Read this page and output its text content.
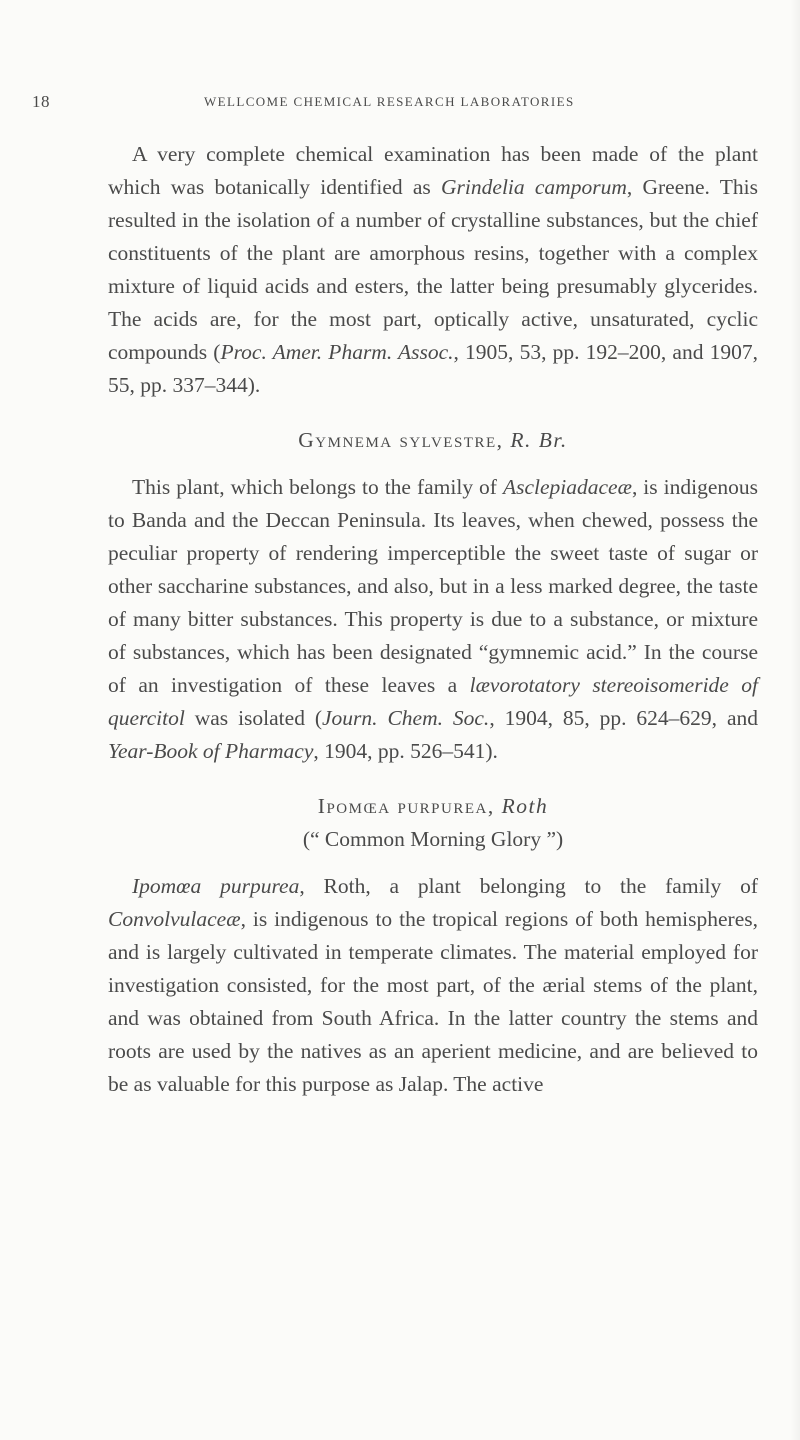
18	WELLCOME CHEMICAL RESEARCH LABORATORIES

A very complete chemical examination has been made of the plant which was botanically identified as Grindelia camporum, Greene. This resulted in the isolation of a number of crystalline substances, but the chief constituents of the plant are amorphous resins, together with a complex mixture of liquid acids and esters, the latter being presumably glycerides. The acids are, for the most part, optically active, unsaturated, cyclic compounds (Proc. Amer. Pharm. Assoc., 1905, 53, pp. 192–200, and 1907, 55, pp. 337–344).

Gymnema sylvestre, R. Br.

This plant, which belongs to the family of Asclepiadaceæ, is indigenous to Banda and the Deccan Peninsula. Its leaves, when chewed, possess the peculiar property of rendering imperceptible the sweet taste of sugar or other saccharine substances, and also, but in a less marked degree, the taste of many bitter substances. This property is due to a substance, or mixture of substances, which has been designated “gymnemic acid.” In the course of an investigation of these leaves a lævorotatory stereoisomeride of quercitol was isolated (Journ. Chem. Soc., 1904, 85, pp. 624–629, and Year-Book of Pharmacy, 1904, pp. 526–541).

Ipomœa purpurea, Roth

(“ Common Morning Glory ”)

Ipomœa purpurea, Roth, a plant belonging to the family of Convolvulaceæ, is indigenous to the tropical regions of both hemispheres, and is largely cultivated in temperate climates. The material employed for investigation consisted, for the most part, of the ærial stems of the plant, and was obtained from South Africa. In the latter country the stems and roots are used by the natives as an aperient medicine, and are believed to be as valuable for this purpose as Jalap. The active
